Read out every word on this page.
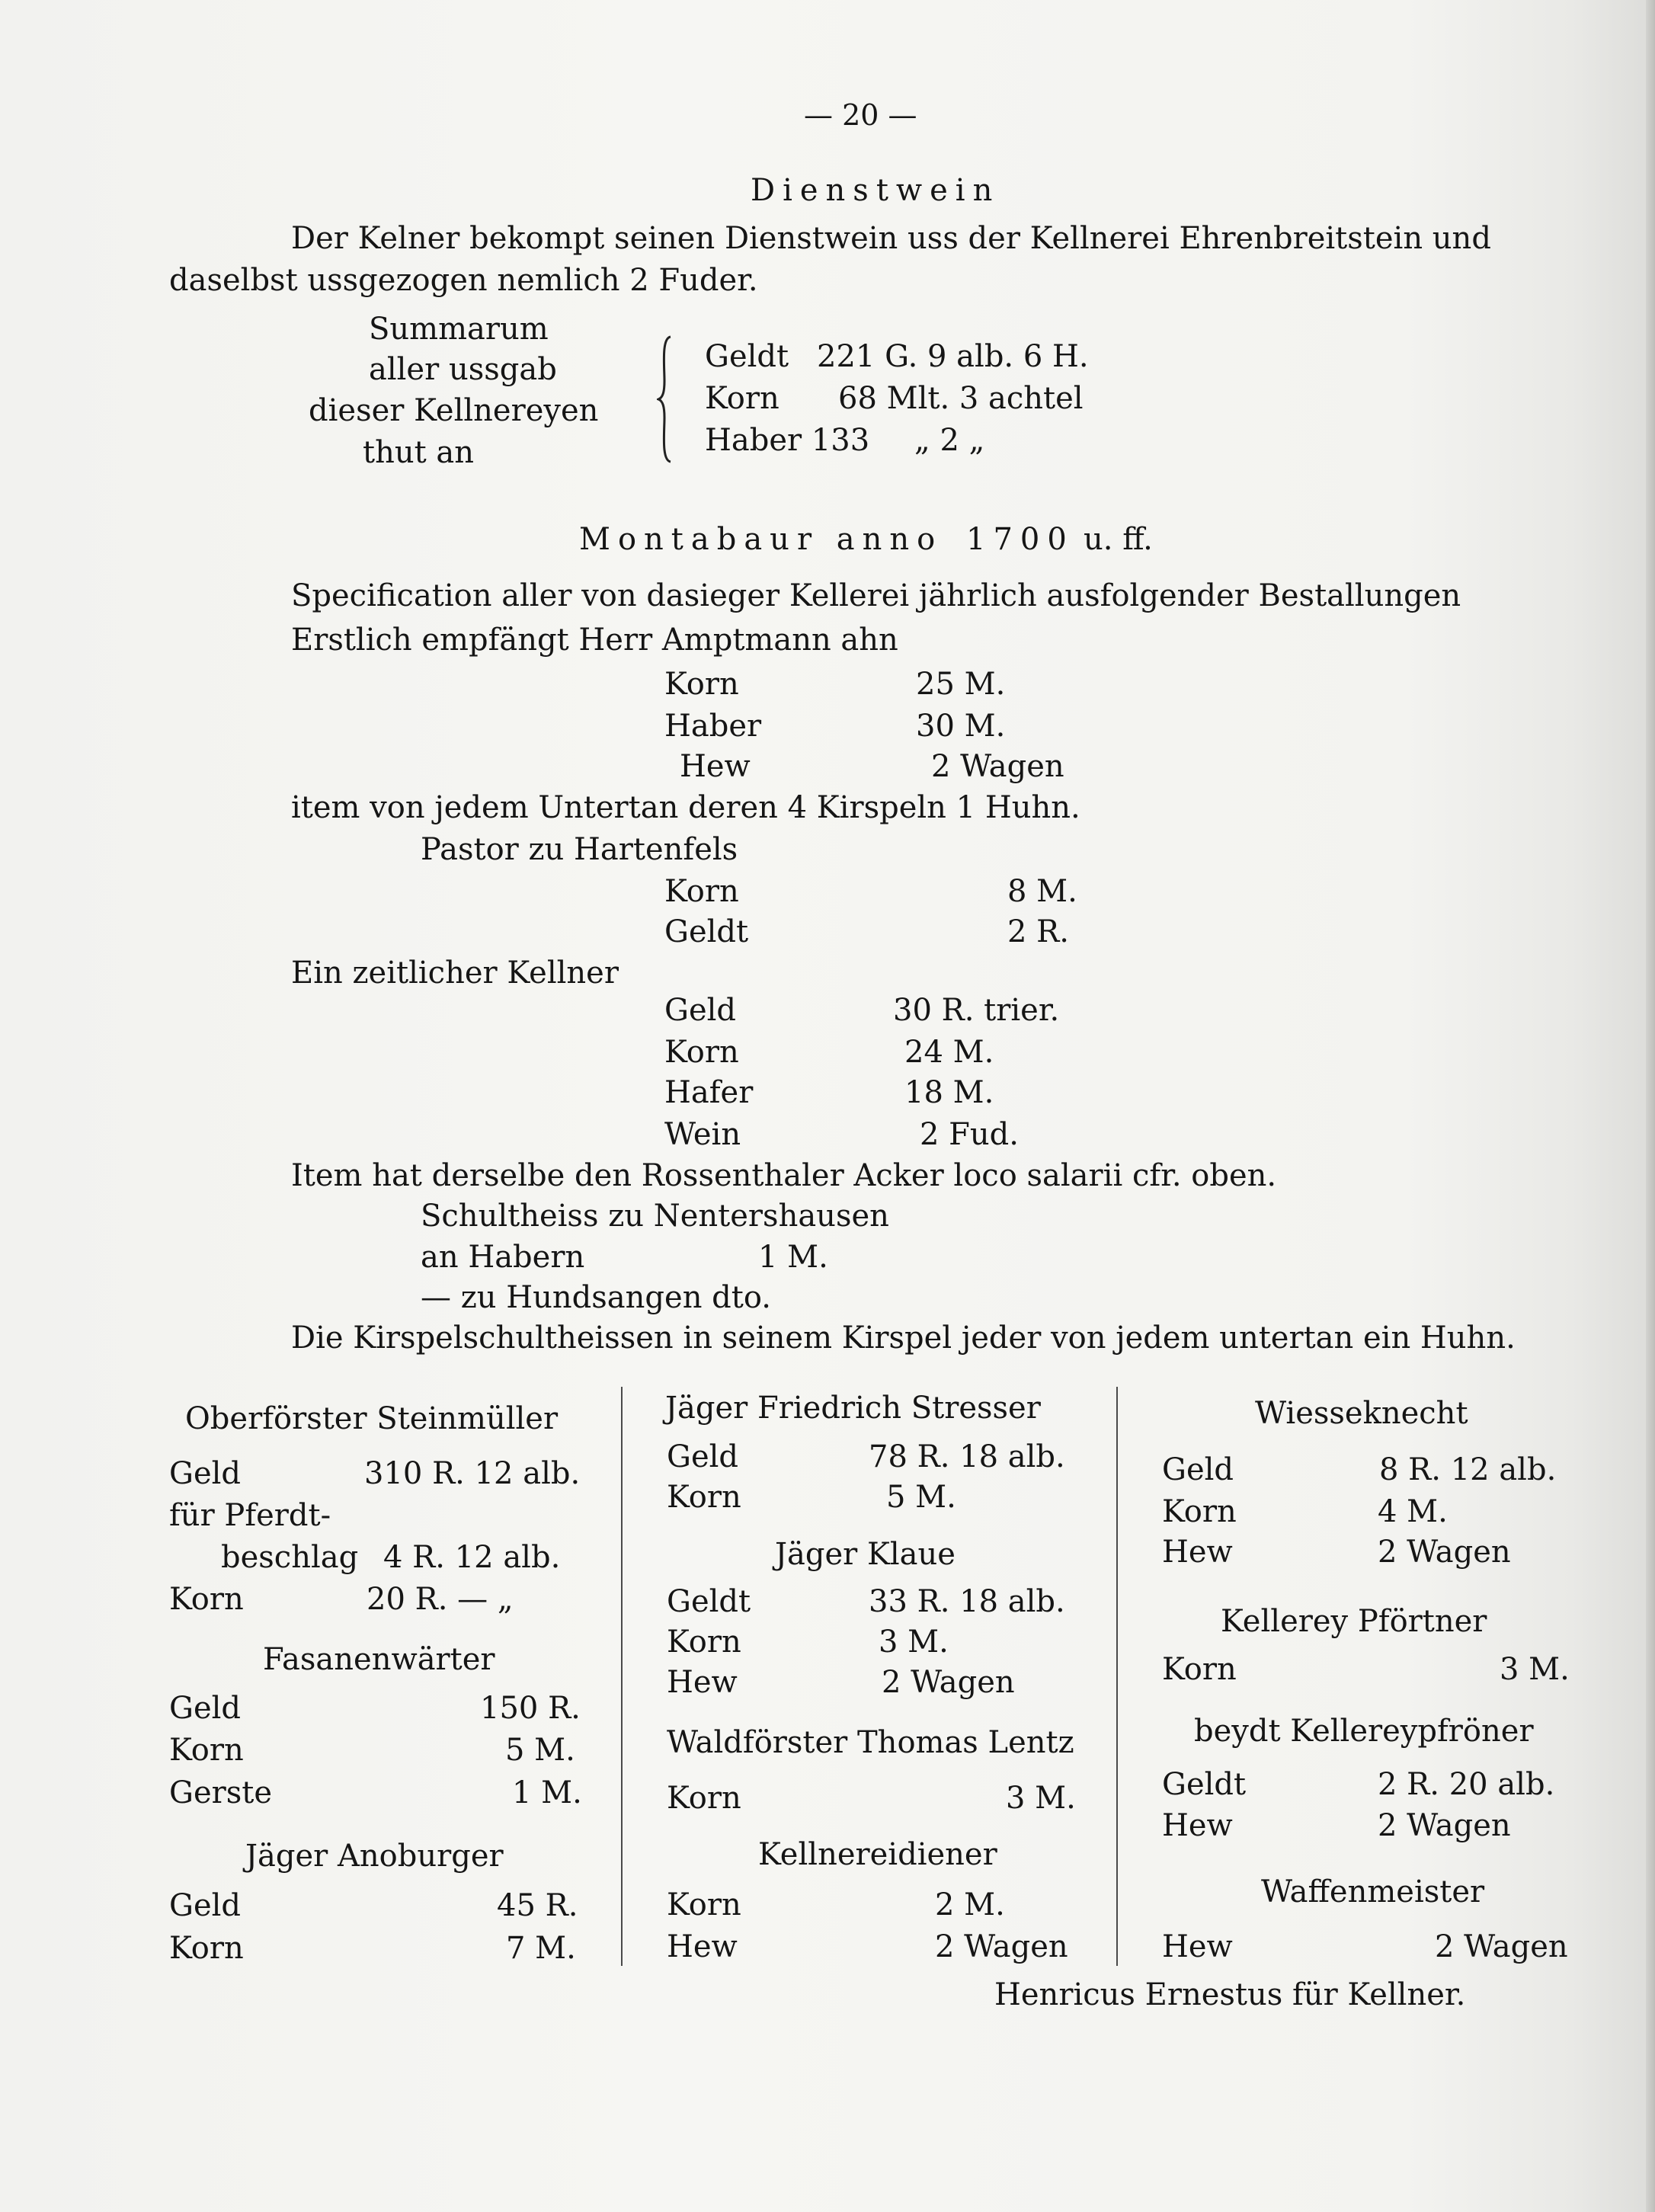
— 20 —
Dienstwein
Der Kelner bekompt seinen Dienstwein uss der Kellnerei Ehrenbreitstein und
daselbst ussgezogen nemlich 2 Fuder.
Summarum
aller ussgab
dieser Kellnereyen
thut an
Geldt 221 G. 9 alb. 6 H.
Korn 68 Mlt. 3 achtel
Haber 133 „ 2 „
Montabaur anno 1700 u. ff.
Specification aller von dasieger Kellerei jährlich ausfolgender Bestallungen
Erstlich empfängt Herr Amptmann ahn
Korn	25 M.
Haber	30 M.
Hew	2 Wagen
item von jedem Untertan deren 4 Kirspeln 1 Huhn.
Pastor zu Hartenfels
Korn	8 M.
Geldt	2 R.
Ein zeitlicher Kellner
Geld	30 R. trier.
Korn	24 M.
Hafer	18 M.
Wein	2 Fud.
Item hat derselbe den Rossenthaler Acker loco salarii cfr. oben.
Schultheiss zu Nentershausen
an Habern	1 M.
— zu Hundsangen dto.
Die Kirspelschultheissen in seinem Kirspel jeder von jedem untertan ein Huhn.
Oberförster Steinmüller
Geld	310 R. 12 alb.
für Pferdt-
beschlag 4 R. 12 alb.
Korn	20 R. — „
Fasanenwärter
Geld	150 R.
Korn	5 M.
Gerste	1 M.
Jäger Anoburger
Geld	45 R.
Korn	7 M.
Jäger Friedrich Stresser
Geld	78 R. 18 alb.
Korn	5 M.
Jäger Klaue
Geldt	33 R. 18 alb.
Korn	3 M.
Hew	2 Wagen
Waldförster Thomas Lentz
Korn	3 M.
Kellnereidiener
Korn	2 M.
Hew	2 Wagen
Wiesseknecht
Geld	8 R. 12 alb.
Korn	4 M.
Hew	2 Wagen
Kellerey Pförtner
Korn	3 M.
beydt Kellereypfröner
Geldt	2 R. 20 alb.
Hew	2 Wagen
Waffenmeister
Hew	2 Wagen
Henricus Ernestus für Kellner.
